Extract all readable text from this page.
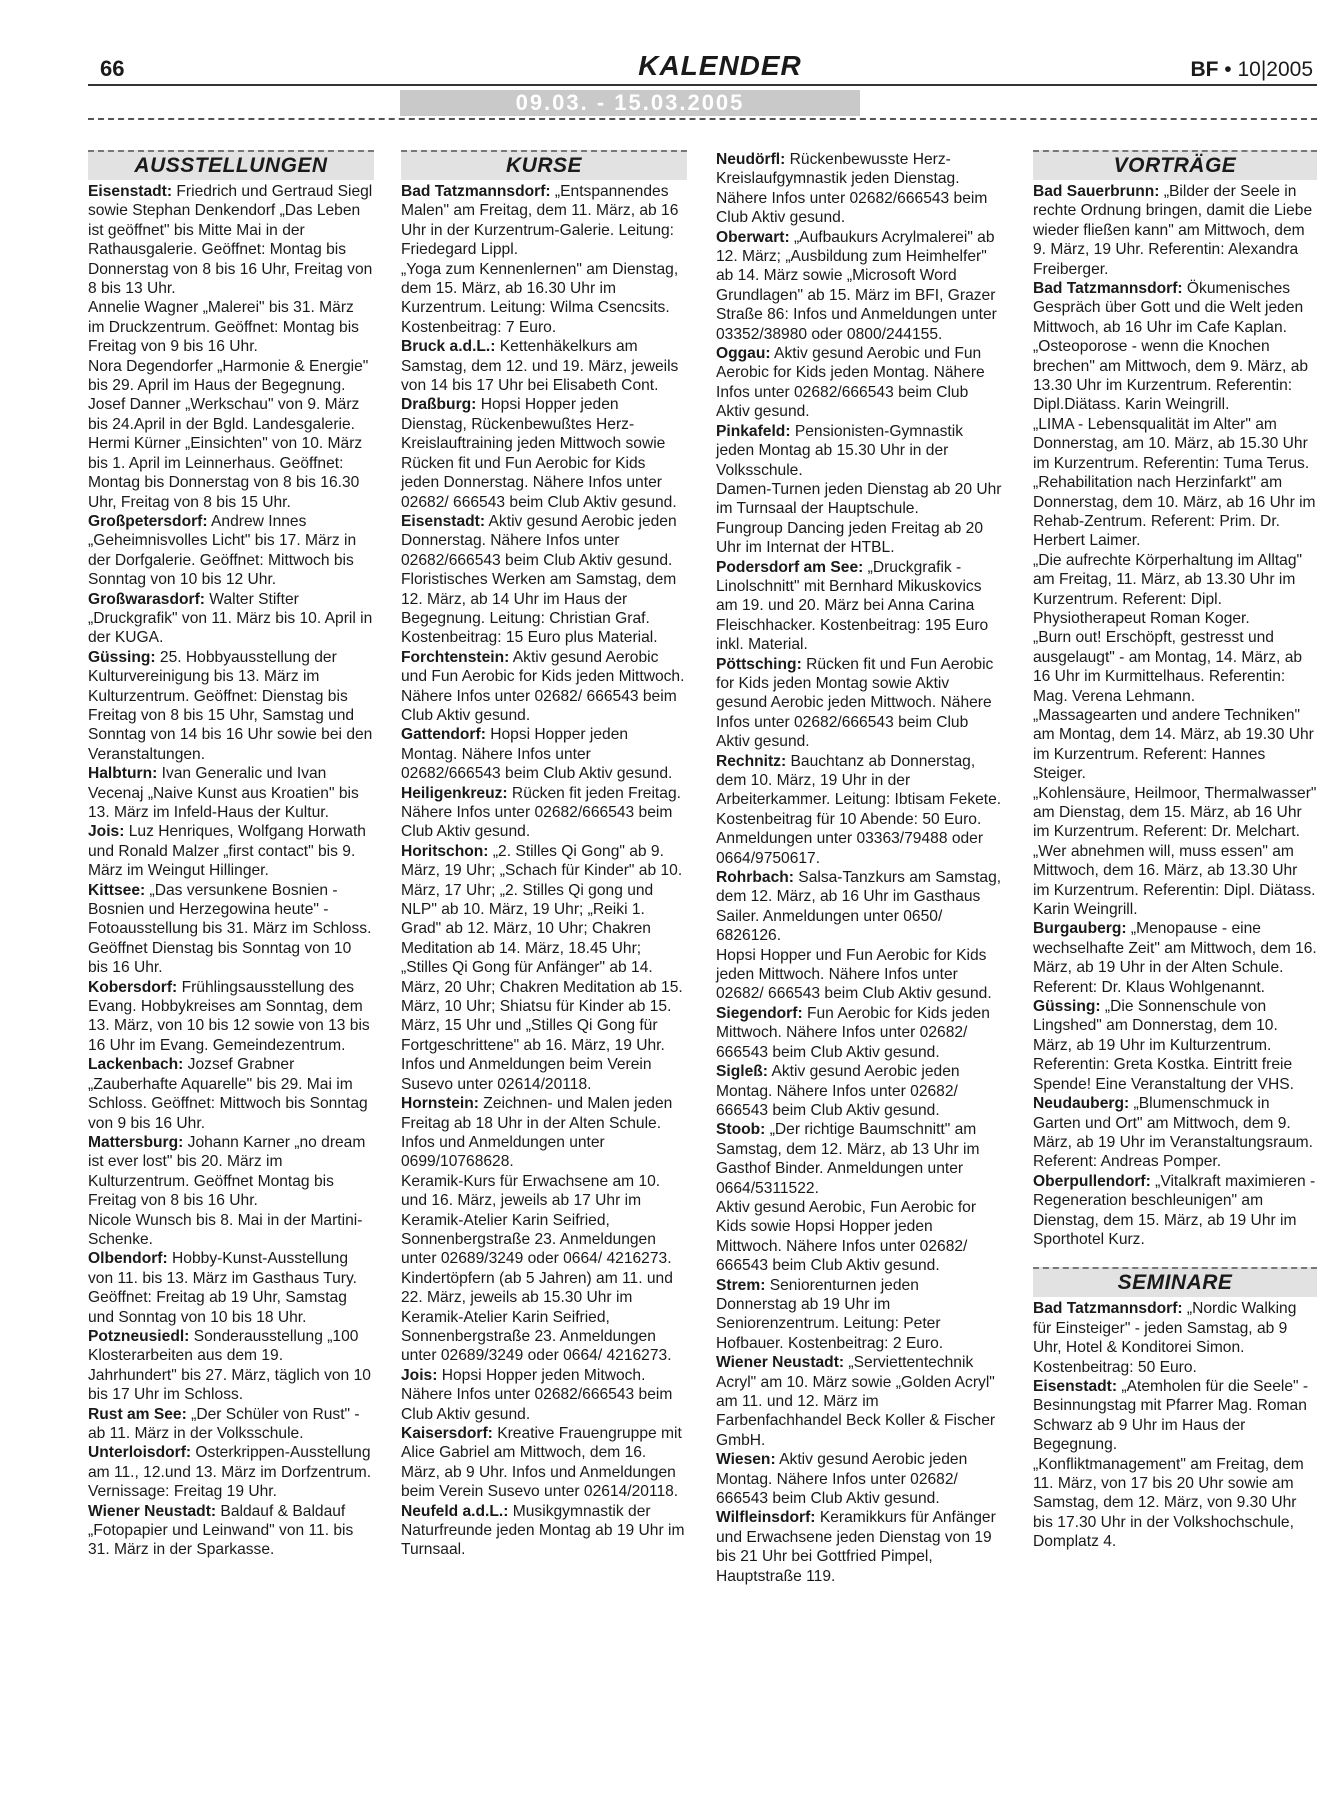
66	KALENDER	BF • 10|2005
09.03. - 15.03.2005
AUSSTELLUNGEN

Eisenstadt: Friedrich und Gertraud Siegl sowie Stephan Denkendorf „Das Leben ist geöffnet" bis Mitte Mai in der Rathausgalerie. Geöffnet: Montag bis Donnerstag von 8 bis 16 Uhr, Freitag von 8 bis 13 Uhr.

Annelie Wagner „Malerei" bis 31. März im Druckzentrum. Geöffnet: Montag bis Freitag von 9 bis 16 Uhr.

Nora Degendorfer „Harmonie & Energie" bis 29. April im Haus der Begegnung.

Josef Danner „Werkschau" von 9. März bis 24.April in der Bgld. Landesgalerie.

Hermi Kürner „Einsichten" von 10. März bis 1. April im Leinnerhaus. Geöffnet: Montag bis Donnerstag von 8 bis 16.30 Uhr, Freitag von 8 bis 15 Uhr.

Großpetersdorf: Andrew Innes „Geheimnisvolles Licht" bis 17. März in der Dorfgalerie. Geöffnet: Mittwoch bis Sonntag von 10 bis 12 Uhr.

Großwarasdorf: Walter Stifter „Druckgrafik" von 11. März bis 10. April in der KUGA.

Güssing: 25. Hobbyausstellung der Kulturvereinigung bis 13. März im Kulturzentrum. Geöffnet: Dienstag bis Freitag von 8 bis 15 Uhr, Samstag und Sonntag von 14 bis 16 Uhr sowie bei den Veranstaltungen.

Halbturn: Ivan Generalic und Ivan Vecenaj „Naive Kunst aus Kroatien" bis 13. März im Infeld-Haus der Kultur.

Jois: Luz Henriques, Wolfgang Horwath und Ronald Malzer „first contact" bis 9. März im Weingut Hillinger.

Kittsee: „Das versunkene Bosnien - Bosnien und Herzegowina heute" - Fotoausstellung bis 31. März im Schloss. Geöffnet Dienstag bis Sonntag von 10 bis 16 Uhr.

Kobersdorf: Frühlingsausstellung des Evang. Hobbykreises am Sonntag, dem 13. März, von 10 bis 12 sowie von 13 bis 16 Uhr im Evang. Gemeindezentrum.

Lackenbach: Jozsef Grabner „Zauberhafte Aquarelle" bis 29. Mai im Schloss. Geöffnet: Mittwoch bis Sonntag von 9 bis 16 Uhr.

Mattersburg: Johann Karner „no dream ist ever lost" bis 20. März im Kulturzentrum. Geöffnet Montag bis Freitag von 8 bis 16 Uhr.

Nicole Wunsch bis 8. Mai in der Martini-Schenke.

Olbendorf: Hobby-Kunst-Ausstellung von 11. bis 13. März im Gasthaus Tury. Geöffnet: Freitag ab 19 Uhr, Samstag und Sonntag von 10 bis 18 Uhr.

Potzneusiedl: Sonderausstellung „100 Klosterarbeiten aus dem 19. Jahrhundert" bis 27. März, täglich von 10 bis 17 Uhr im Schloss.

Rust am See: „Der Schüler von Rust" - ab 11. März in der Volksschule.

Unterloisdorf: Osterkrippen-Ausstellung am 11., 12.und 13. März im Dorfzentrum. Vernissage: Freitag 19 Uhr.

Wiener Neustadt: Baldauf & Baldauf „Fotopapier und Leinwand" von 11. bis 31. März in der Sparkasse.

KURSE

Bad Tatzmannsdorf: „Entspannendes Malen" am Freitag, dem 11. März, ab 16 Uhr in der Kurzentrum-Galerie. Leitung: Friedegard Lippl.

„Yoga zum Kennenlernen" am Dienstag, dem 15. März, ab 16.30 Uhr im Kurzentrum. Leitung: Wilma Csencsits. Kostenbeitrag: 7 Euro.

Bruck a.d.L.: Kettenhäkelkurs am Samstag, dem 12. und 19. März, jeweils von 14 bis 17 Uhr bei Elisabeth Cont.

Draßburg: Hopsi Hopper jeden Dienstag, Rückenbewußtes Herz-Kreislauftraining jeden Mittwoch sowie Rücken fit und Fun Aerobic for Kids jeden Donnerstag. Nähere Infos unter 02682/ 666543 beim Club Aktiv gesund.

Eisenstadt: Aktiv gesund Aerobic jeden Donnerstag. Nähere Infos unter 02682/666543 beim Club Aktiv gesund.

Floristisches Werken am Samstag, dem 12. März, ab 14 Uhr im Haus der Begegnung. Leitung: Christian Graf. Kostenbeitrag: 15 Euro plus Material.

Forchtenstein: Aktiv gesund Aerobic und Fun Aerobic for Kids jeden Mittwoch. Nähere Infos unter 02682/ 666543 beim Club Aktiv gesund.

Gattendorf: Hopsi Hopper jeden Montag. Nähere Infos unter 02682/666543 beim Club Aktiv gesund.

Heiligenkreuz: Rücken fit jeden Freitag. Nähere Infos unter 02682/666543 beim Club Aktiv gesund.

Horitschon: „2. Stilles Qi Gong" ab 9. März, 19 Uhr; „Schach für Kinder" ab 10. März, 17 Uhr; „2. Stilles Qi gong und NLP" ab 10. März, 19 Uhr; „Reiki 1. Grad" ab 12. März, 10 Uhr; Chakren Meditation ab 14. März, 18.45 Uhr; „Stilles Qi Gong für Anfänger" ab 14. März, 20 Uhr; Chakren Meditation ab 15. März, 10 Uhr; Shiatsu für Kinder ab 15. März, 15 Uhr und „Stilles Qi Gong für Fortgeschrittene" ab 16. März, 19 Uhr. Infos und Anmeldungen beim Verein Susevo unter 02614/20118.

Hornstein: Zeichnen- und Malen jeden Freitag ab 18 Uhr in der Alten Schule. Infos und Anmeldungen unter 0699/10768628.

Keramik-Kurs für Erwachsene am 10. und 16. März, jeweils ab 17 Uhr im Keramik-Atelier Karin Seifried, Sonnenbergstraße 23. Anmeldungen unter 02689/3249 oder 0664/ 4216273.

Kindertöpfern (ab 5 Jahren) am 11. und 22. März, jeweils ab 15.30 Uhr im Keramik-Atelier Karin Seifried, Sonnenbergstraße 23. Anmeldungen unter 02689/3249 oder 0664/ 4216273.

Jois: Hopsi Hopper jeden Mitwoch. Nähere Infos unter 02682/666543 beim Club Aktiv gesund.

Kaisersdorf: Kreative Frauengruppe mit Alice Gabriel am Mittwoch, dem 16. März, ab 9 Uhr. Infos und Anmeldungen beim Verein Susevo unter 02614/20118.

Neufeld a.d.L.: Musikgymnastik der Naturfreunde jeden Montag ab 19 Uhr im Turnsaal.

Neudörfl: Rückenbewusste Herz-Kreislaufgymnastik jeden Dienstag. Nähere Infos unter 02682/666543 beim Club Aktiv gesund.

Oberwart: „Aufbaukurs Acrylmalerei" ab 12. März; „Ausbildung zum Heimhelfer" ab 14. März sowie „Microsoft Word Grundlagen" ab 15. März im BFI, Grazer Straße 86: Infos und Anmeldungen unter 03352/38980 oder 0800/244155.

Oggau: Aktiv gesund Aerobic und Fun Aerobic for Kids jeden Montag. Nähere Infos unter 02682/666543 beim Club Aktiv gesund.

Pinkafeld: Pensionisten-Gymnastik jeden Montag ab 15.30 Uhr in der Volksschule.

Damen-Turnen jeden Dienstag ab 20 Uhr im Turnsaal der Hauptschule.

Fungroup Dancing jeden Freitag ab 20 Uhr im Internat der HTBL.

Podersdorf am See: „Druckgrafik - Linolschnitt" mit Bernhard Mikuskovics am 19. und 20. März bei Anna Carina Fleischhacker. Kostenbeitrag: 195 Euro inkl. Material.

Pöttsching: Rücken fit und Fun Aerobic for Kids jeden Montag sowie Aktiv gesund Aerobic jeden Mittwoch. Nähere Infos unter 02682/666543 beim Club Aktiv gesund.

Rechnitz: Bauchtanz ab Donnerstag, dem 10. März, 19 Uhr in der Arbeiterkammer. Leitung: Ibtisam Fekete. Kostenbeitrag für 10 Abende: 50 Euro. Anmeldungen unter 03363/79488 oder 0664/9750617.

Rohrbach: Salsa-Tanzkurs am Samstag, dem 12. März, ab 16 Uhr im Gasthaus Sailer. Anmeldungen unter 0650/ 6826126.

Hopsi Hopper und Fun Aerobic for Kids jeden Mittwoch. Nähere Infos unter 02682/ 666543 beim Club Aktiv gesund.

Siegendorf: Fun Aerobic for Kids jeden Mittwoch. Nähere Infos unter 02682/ 666543 beim Club Aktiv gesund.

Sigleß: Aktiv gesund Aerobic jeden Montag. Nähere Infos unter 02682/ 666543 beim Club Aktiv gesund.

Stoob: „Der richtige Baumschnitt" am Samstag, dem 12. März, ab 13 Uhr im Gasthof Binder. Anmeldungen unter 0664/5311522.

Aktiv gesund Aerobic, Fun Aerobic for Kids sowie Hopsi Hopper jeden Mittwoch. Nähere Infos unter 02682/ 666543 beim Club Aktiv gesund.

Strem: Seniorenturnen jeden Donnerstag ab 19 Uhr im Seniorenzentrum. Leitung: Peter Hofbauer. Kostenbeitrag: 2 Euro.

Wiener Neustadt: „Serviettentechnik Acryl" am 10. März sowie „Golden Acryl" am 11. und 12. März im Farbenfachhandel Beck Koller & Fischer GmbH.

Wiesen: Aktiv gesund Aerobic jeden Montag. Nähere Infos unter 02682/ 666543 beim Club Aktiv gesund.

Wilfleinsdorf: Keramikkurs für Anfänger und Erwachsene jeden Dienstag von 19 bis 21 Uhr bei Gottfried Pimpel, Hauptstraße 119.

VORTRÄGE

Bad Sauerbrunn: „Bilder der Seele in rechte Ordnung bringen, damit die Liebe wieder fließen kann" am Mittwoch, dem 9. März, 19 Uhr. Referentin: Alexandra Freiberger.

Bad Tatzmannsdorf: Ökumenisches Gespräch über Gott und die Welt jeden Mittwoch, ab 16 Uhr im Cafe Kaplan.

„Osteoporose - wenn die Knochen brechen" am Mittwoch, dem 9. März, ab 13.30 Uhr im Kurzentrum. Referentin: Dipl.Diätass. Karin Weingrill.

„LIMA - Lebensqualität im Alter" am Donnerstag, am 10. März, ab 15.30 Uhr im Kurzentrum. Referentin: Tuma Terus.

„Rehabilitation nach Herzinfarkt" am Donnerstag, dem 10. März, ab 16 Uhr im Rehab-Zentrum. Referent: Prim. Dr. Herbert Laimer.

„Die aufrechte Körperhaltung im Alltag" am Freitag, 11. März, ab 13.30 Uhr im Kurzentrum. Referent: Dipl. Physiotherapeut Roman Koger.

„Burn out! Erschöpft, gestresst und ausgelaugt" - am Montag, 14. März, ab 16 Uhr im Kurmittelhaus. Referentin: Mag. Verena Lehmann.

„Massagearten und andere Techniken" am Montag, dem 14. März, ab 19.30 Uhr im Kurzentrum. Referent: Hannes Steiger.

„Kohlensäure, Heilmoor, Thermalwasser" am Dienstag, dem 15. März, ab 16 Uhr im Kurzentrum. Referent: Dr. Melchart.

„Wer abnehmen will, muss essen" am Mittwoch, dem 16. März, ab 13.30 Uhr im Kurzentrum. Referentin: Dipl. Diätass. Karin Weingrill.

Burgauberg: „Menopause - eine wechselhafte Zeit" am Mittwoch, dem 16. März, ab 19 Uhr in der Alten Schule. Referent: Dr. Klaus Wohlgenannt.

Güssing: „Die Sonnenschule von Lingshed" am Donnerstag, dem 10. März, ab 19 Uhr im Kulturzentrum. Referentin: Greta Kostka. Eintritt freie Spende! Eine Veranstaltung der VHS.

Neudauberg: „Blumenschmuck in Garten und Ort" am Mittwoch, dem 9. März, ab 19 Uhr im Veranstaltungsraum. Referent: Andreas Pomper.

Oberpullendorf: „Vitalkraft maximieren - Regeneration beschleunigen" am Dienstag, dem 15. März, ab 19 Uhr im Sporthotel Kurz.

SEMINARE

Bad Tatzmannsdorf: „Nordic Walking für Einsteiger" - jeden Samstag, ab 9 Uhr, Hotel & Konditorei Simon. Kostenbeitrag: 50 Euro.

Eisenstadt: „Atemholen für die Seele" - Besinnungstag mit Pfarrer Mag. Roman Schwarz ab 9 Uhr im Haus der Begegnung.

„Konfliktmanagement" am Freitag, dem 11. März, von 17 bis 20 Uhr sowie am Samstag, dem 12. März, von 9.30 Uhr bis 17.30 Uhr in der Volkshochschule, Domplatz 4.
